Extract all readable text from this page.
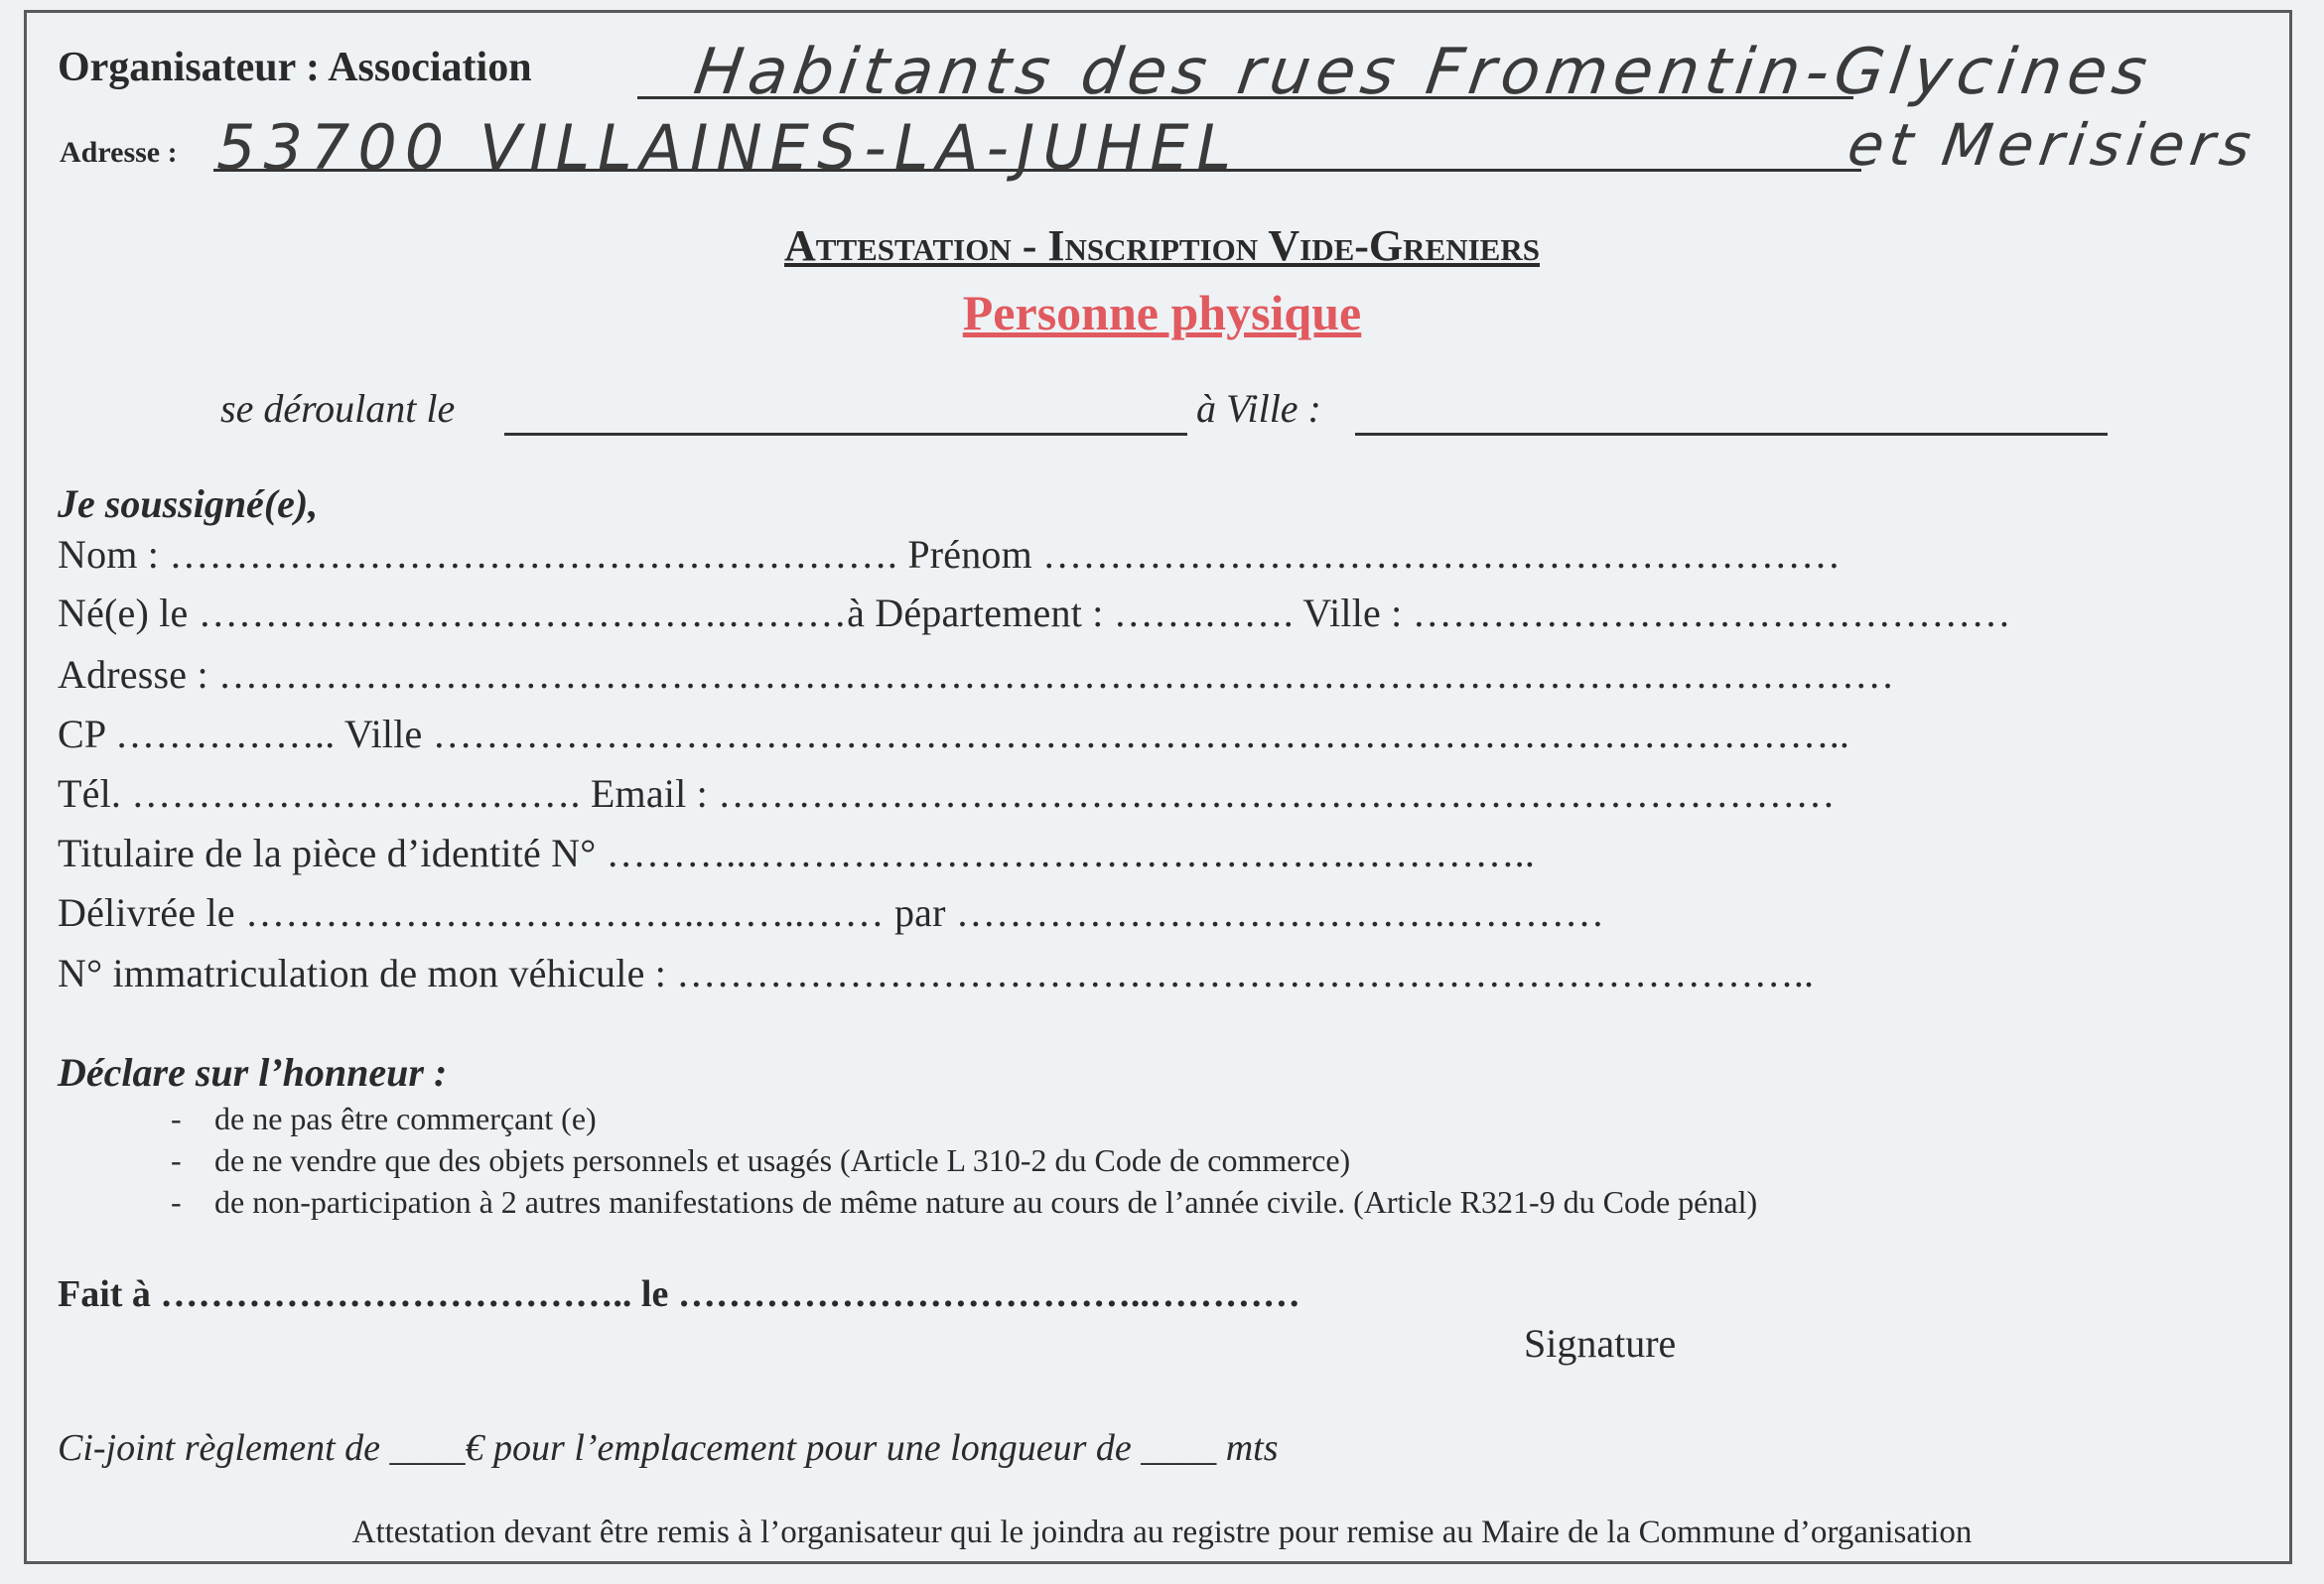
Organisateur : Association Habitants des rues Fromentin-Glycines
et Merisiers
Adresse : 53700 VILLAINES-LA-JUHEL
Attestation - Inscription Vide-Greniers
Personne physique
se déroulant le	à Ville :
Je soussigné(e),
Nom : ………………………………………………. Prénom ……………………………………………………
Né(e) le ………………………………….………à Département : …….……. Ville : ………………………………………
Adresse : ………………………………………………………………………………………………………………
CP …………….. Ville ……………………………………………………………………………………………..
Tél. ……………………………. Email : …………………………………………………………………………
Titulaire de la pièce d’identité N° ………..……………………………………….…………..
Délivrée le ……………………………..……..…… par ……………………………….…………
N° immatriculation de mon véhicule : …………………………………………………………………………..
Déclare sur l’honneur :
- de ne pas être commerçant (e)
- de ne vendre que des objets personnels et usagés (Article L 310-2 du Code de commerce)
- de non-participation à 2 autres manifestations de même nature au cours de l’année civile. (Article R321-9 du Code pénal)
Fait à ……………………………….. le ………………………………..…………
Signature
Ci-joint règlement de ____€ pour l’emplacement pour une longueur de ____ mts
Attestation devant être remis à l’organisateur qui le joindra au registre pour remise au Maire de la Commune d’organisation
